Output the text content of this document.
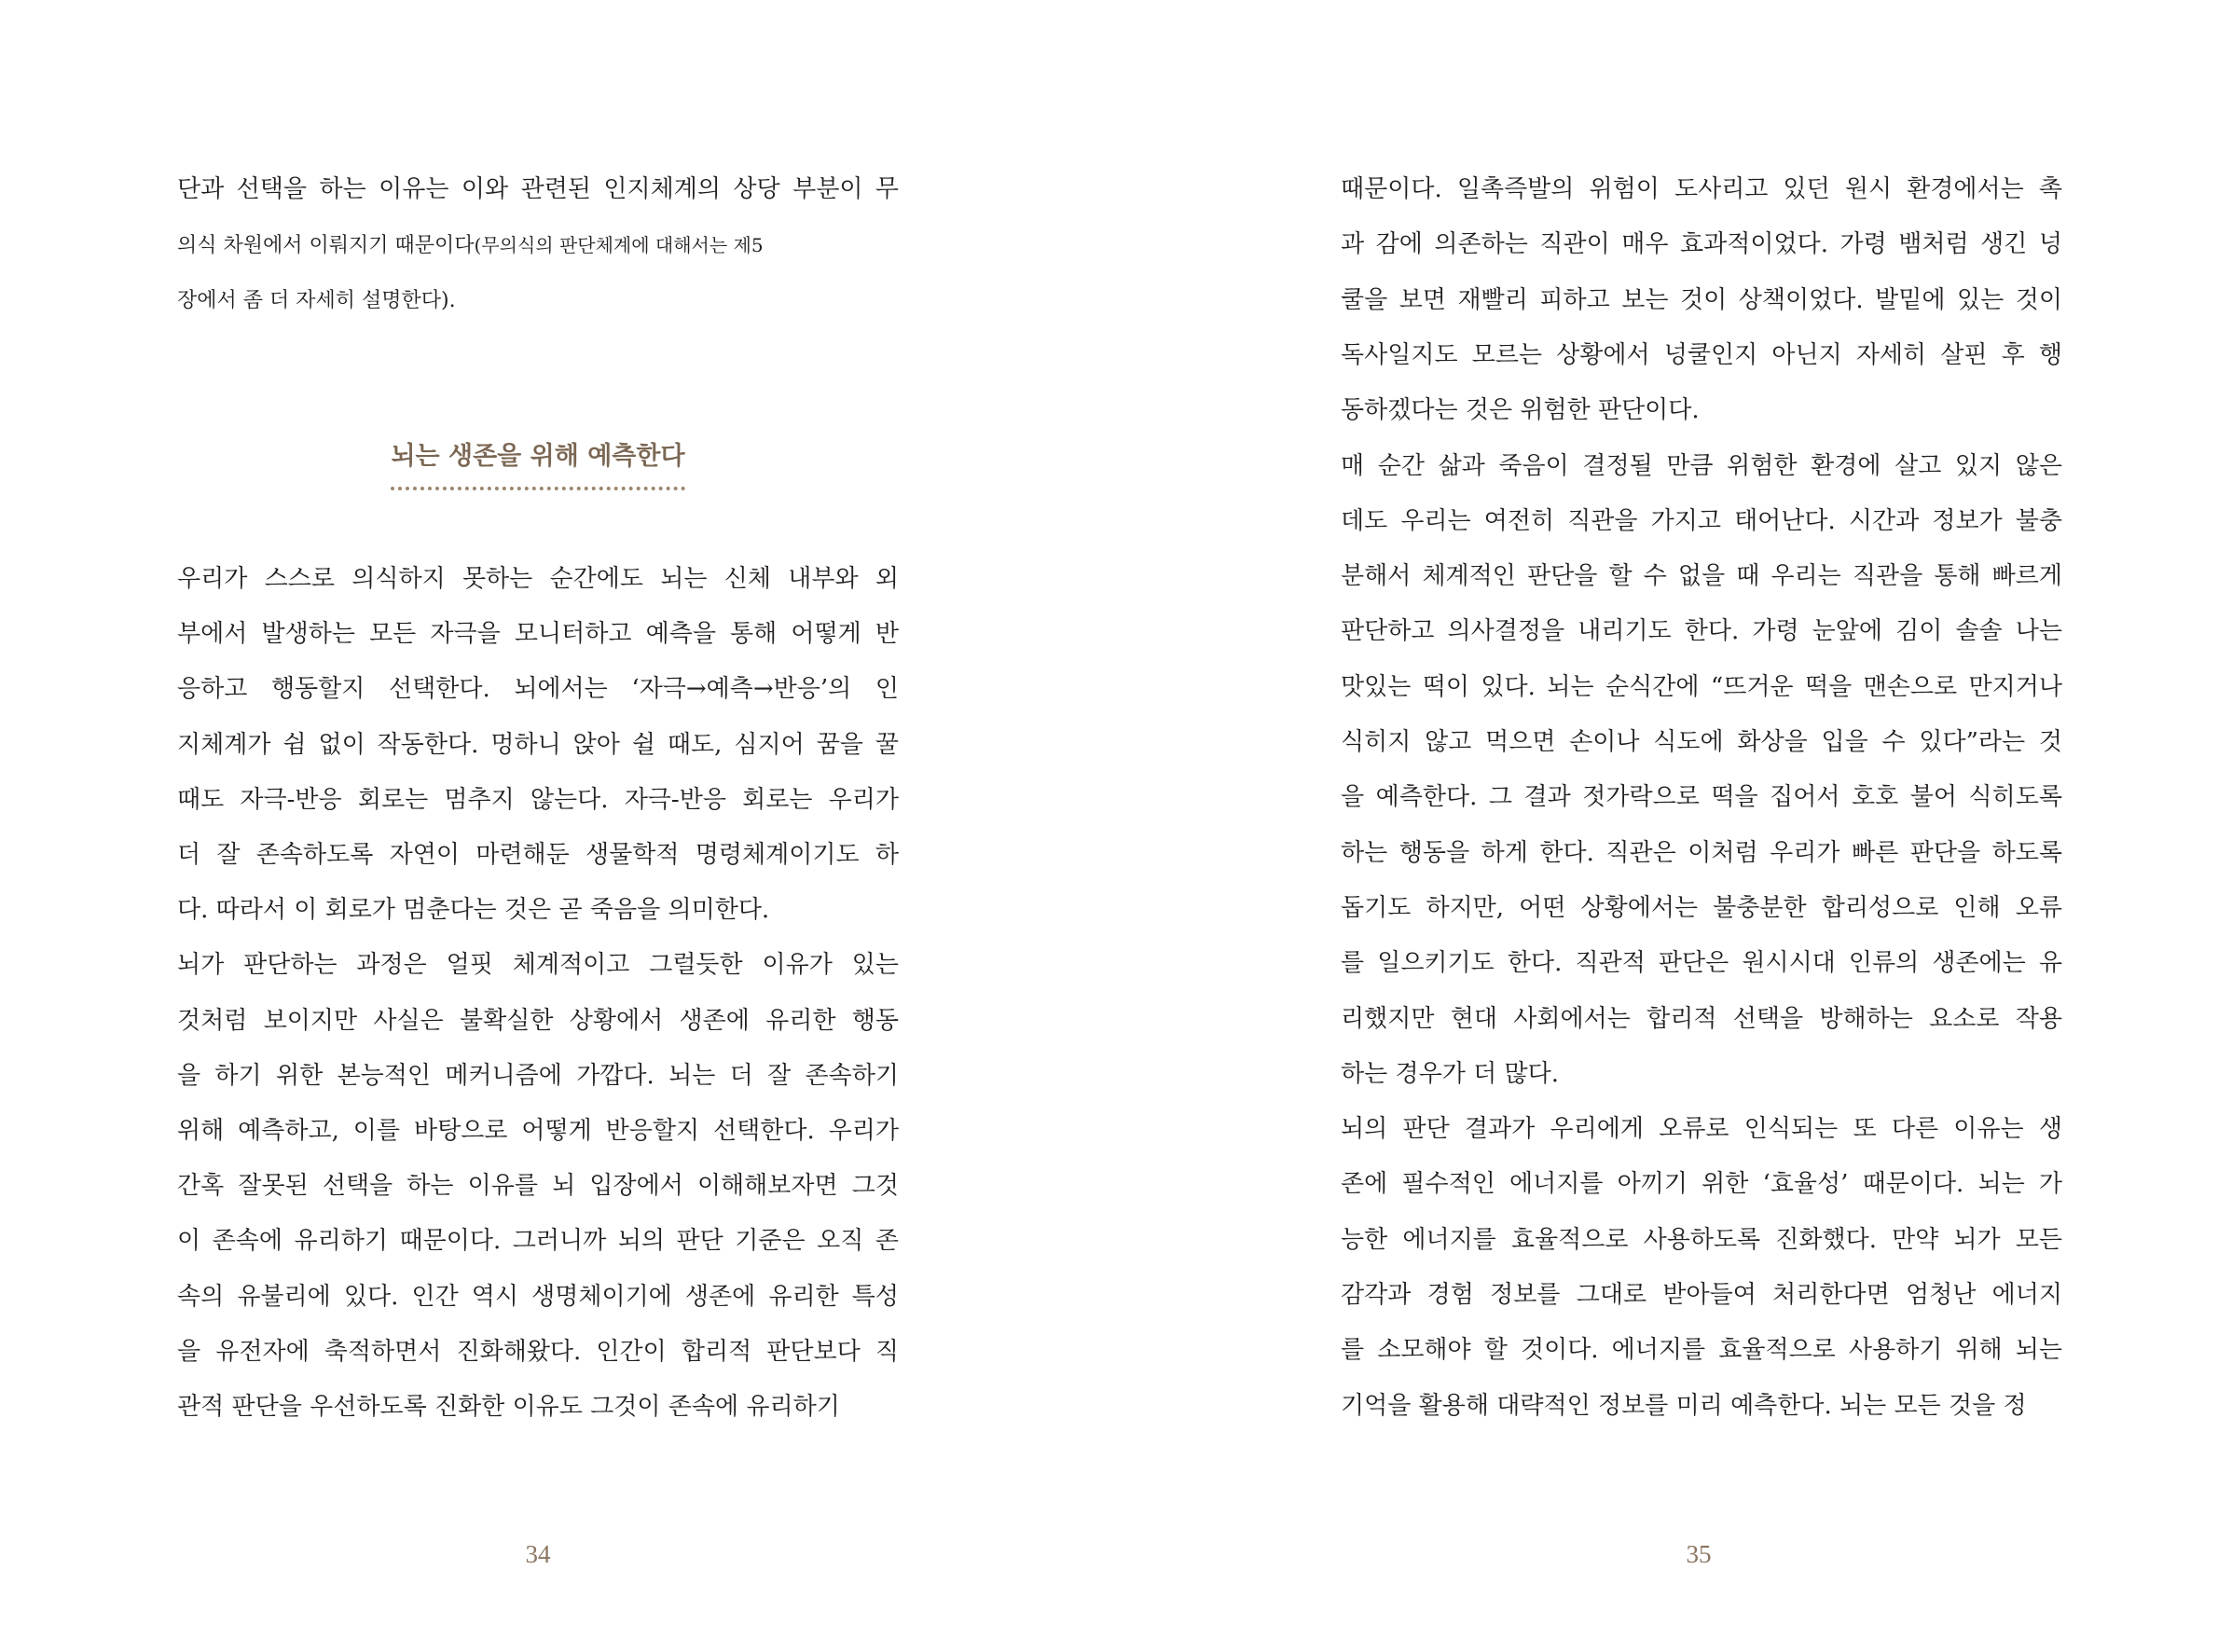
단과 선택을 하는 이유는 이와 관련된 인지체계의 상당 부분이 무
의식 차원에서 이뤄지기 때문이다(무의식의 판단체계에 대해서는 제5
장에서 좀 더 자세히 설명한다).
뇌는 생존을 위해 예측한다
우리가 스스로 의식하지 못하는 순간에도 뇌는 신체 내부와 외
부에서 발생하는 모든 자극을 모니터하고 예측을 통해 어떻게 반
응하고 행동할지 선택한다. 뇌에서는 ‘자극→예측→반응’의 인
지체계가 쉼 없이 작동한다. 멍하니 앉아 쉴 때도, 심지어 꿈을 꿀
때도 자극-반응 회로는 멈추지 않는다. 자극-반응 회로는 우리가
더 잘 존속하도록 자연이 마련해둔 생물학적 명령체계이기도 하
다. 따라서 이 회로가 멈춘다는 것은 곧 죽음을 의미한다.
뇌가 판단하는 과정은 얼핏 체계적이고 그럴듯한 이유가 있는
것처럼 보이지만 사실은 불확실한 상황에서 생존에 유리한 행동
을 하기 위한 본능적인 메커니즘에 가깝다. 뇌는 더 잘 존속하기
위해 예측하고, 이를 바탕으로 어떻게 반응할지 선택한다. 우리가
간혹 잘못된 선택을 하는 이유를 뇌 입장에서 이해해보자면 그것
이 존속에 유리하기 때문이다. 그러니까 뇌의 판단 기준은 오직 존
속의 유불리에 있다. 인간 역시 생명체이기에 생존에 유리한 특성
을 유전자에 축적하면서 진화해왔다. 인간이 합리적 판단보다 직
관적 판단을 우선하도록 진화한 이유도 그것이 존속에 유리하기
34
때문이다. 일촉즉발의 위험이 도사리고 있던 원시 환경에서는 촉
과 감에 의존하는 직관이 매우 효과적이었다. 가령 뱀처럼 생긴 넝
쿨을 보면 재빨리 피하고 보는 것이 상책이었다. 발밑에 있는 것이
독사일지도 모르는 상황에서 넝쿨인지 아닌지 자세히 살핀 후 행
동하겠다는 것은 위험한 판단이다.
매 순간 삶과 죽음이 결정될 만큼 위험한 환경에 살고 있지 않은
데도 우리는 여전히 직관을 가지고 태어난다. 시간과 정보가 불충
분해서 체계적인 판단을 할 수 없을 때 우리는 직관을 통해 빠르게
판단하고 의사결정을 내리기도 한다. 가령 눈앞에 김이 솔솔 나는
맛있는 떡이 있다. 뇌는 순식간에 “뜨거운 떡을 맨손으로 만지거나
식히지 않고 먹으면 손이나 식도에 화상을 입을 수 있다”라는 것
을 예측한다. 그 결과 젓가락으로 떡을 집어서 호호 불어 식히도록
하는 행동을 하게 한다. 직관은 이처럼 우리가 빠른 판단을 하도록
돕기도 하지만, 어떤 상황에서는 불충분한 합리성으로 인해 오류
를 일으키기도 한다. 직관적 판단은 원시시대 인류의 생존에는 유
리했지만 현대 사회에서는 합리적 선택을 방해하는 요소로 작용
하는 경우가 더 많다.
뇌의 판단 결과가 우리에게 오류로 인식되는 또 다른 이유는 생
존에 필수적인 에너지를 아끼기 위한 ‘효율성’ 때문이다. 뇌는 가
능한 에너지를 효율적으로 사용하도록 진화했다. 만약 뇌가 모든
감각과 경험 정보를 그대로 받아들여 처리한다면 엄청난 에너지
를 소모해야 할 것이다. 에너지를 효율적으로 사용하기 위해 뇌는
기억을 활용해 대략적인 정보를 미리 예측한다. 뇌는 모든 것을 정
35
